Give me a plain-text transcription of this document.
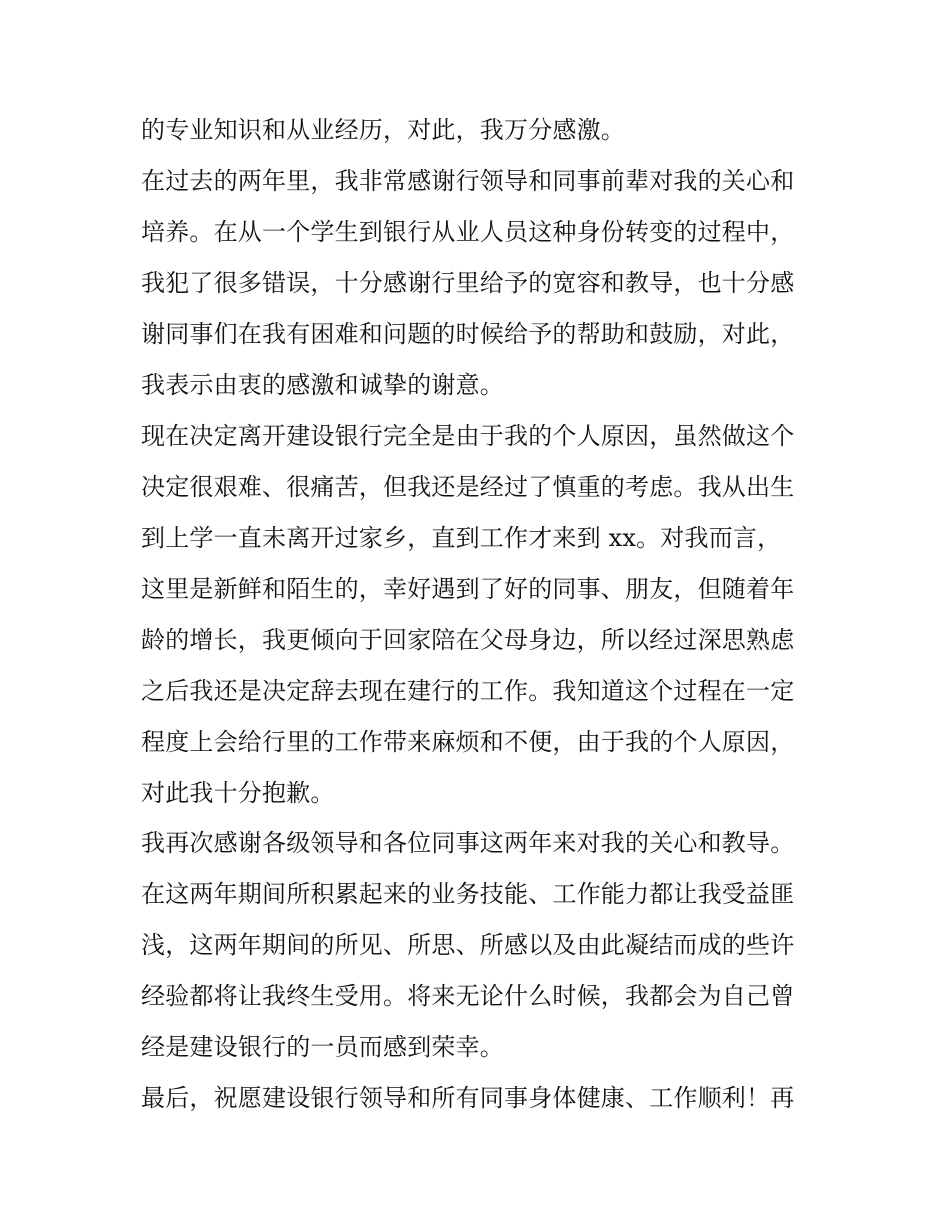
的专业知识和从业经历，对此，我万分感激。
在过去的两年里，我非常感谢行领导和同事前辈对我的关心和
培养。在从一个学生到银行从业人员这种身份转变的过程中，
我犯了很多错误，十分感谢行里给予的宽容和教导，也十分感
谢同事们在我有困难和问题的时候给予的帮助和鼓励，对此，
我表示由衷的感激和诚挚的谢意。
现在决定离开建设银行完全是由于我的个人原因，虽然做这个
决定很艰难、很痛苦，但我还是经过了慎重的考虑。我从出生
到上学一直未离开过家乡，直到工作才来到 xx。对我而言，
这里是新鲜和陌生的，幸好遇到了好的同事、朋友，但随着年
龄的增长，我更倾向于回家陪在父母身边，所以经过深思熟虑
之后我还是决定辞去现在建行的工作。我知道这个过程在一定
程度上会给行里的工作带来麻烦和不便，由于我的个人原因，
对此我十分抱歉。
我再次感谢各级领导和各位同事这两年来对我的关心和教导。
在这两年期间所积累起来的业务技能、工作能力都让我受益匪
浅，这两年期间的所见、所思、所感以及由此凝结而成的些许
经验都将让我终生受用。将来无论什么时候，我都会为自己曾
经是建设银行的一员而感到荣幸。
最后，祝愿建设银行领导和所有同事身体健康、工作顺利！再
